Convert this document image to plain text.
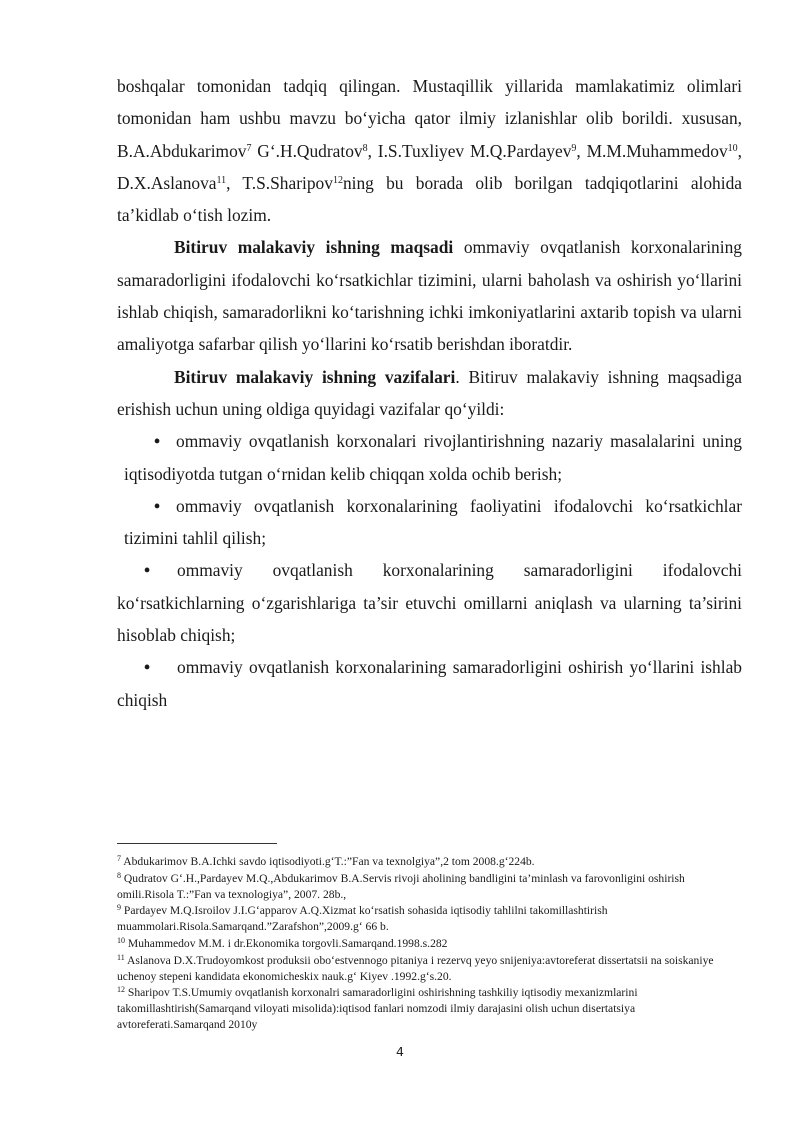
boshqalar tomonidan tadqiq qilingan. Mustaqillik yillarida mamlakatimiz olimlari tomonidan ham ushbu mavzu bo‘yicha qator ilmiy izlanishlar olib borildi. xususan, B.A.Abdukarimov$^7$ G‘.H.Qudratov$^8$, I.S.Tuxliyev M.Q.Pardayev$^9$, M.M.Muhammedov$^{10}$, D.X.Aslanova$^{11}$, T.S.Sharipov$^{12}$ning bu borada olib borilgan tadqiqotlarini alohida ta’kidlab o‘tish lozim.

Bitiruv malakaviy ishning maqsadi ommaviy ovqatlanish korxonalarining samaradorligini ifodalovchi ko‘rsatkichlar tizimini, ularni baholash va oshirish yo‘llarini ishlab chiqish, samaradorlikni ko‘tarishning ichki imkoniyatlarini axtarib topish va ularni amaliyotga safarbar qilish yo‘llarini ko‘rsatib berishdan iboratdir.

Bitiruv malakaviy ishning vazifalari. Bitiruv malakaviy ishning maqsadiga erishish uchun uning oldiga quyidagi vazifalar qo‘yildi:

• ommaviy ovqatlanish korxonalari rivojlantirishning nazariy masalalarini uning iqtisodiyotda tutgan o‘rnidan kelib chiqqan xolda ochib berish;

• ommaviy ovqatlanish korxonalarining faoliyatini ifodalovchi ko‘rsatkichlar tizimini tahlil qilish;

• ommaviy ovqatlanish korxonalarining samaradorligini ifodalovchi ko‘rsatkichlarning o‘zgarishlariga ta’sir etuvchi omillarni aniqlash va ularning ta’sirini hisoblab chiqish;

• ommaviy ovqatlanish korxonalarining samaradorligini oshirish yo‘llarini ishlab chiqish

$^7$ Abdukarimov B.A.Ichki savdo iqtisodiyoti.g‘T.:”Fan va texnolgiya”,2 tom 2008.g‘224b.

$^8$ Qudratov G‘.H.,Pardayev M.Q.,Abdukarimov B.A.Servis rivoji aholining bandligini ta’minlash va farovonligini oshirish omili.Risola T.:”Fan va texnologiya”, 2007. 28b.,

$^9$ Pardayev M.Q.Isroilov J.I.G‘apparov A.Q.Xizmat ko‘rsatish sohasida iqtisodiy tahlilni takomillashtirish muammolari.Risola.Samarqand.”Zarafshon”,2009.g‘ 66 b.

$^{10}$ Muhammedov M.M. i dr.Ekonomika torgovli.Samarqand.1998.s.282

$^{11}$ Aslanova D.X.Trudoyomkost produksii obo‘estvennogo pitaniya i rezervq yeyo snijeniya:avtoreferat dissertatsii na soiskaniye uchenoy stepeni kandidata ekonomicheskix nauk.g‘ Kiyev .1992.g‘s.20.

$^{12}$ Sharipov T.S.Umumiy ovqatlanish korxonalri samaradorligini oshirishning tashkiliy iqtisodiy mexanizmlarini takomillashtirish(Samarqand viloyati misolida):iqtisod fanlari nomzodi ilmiy darajasini olish uchun disertatsiya avtoreferati.Samarqand 2010y

4
